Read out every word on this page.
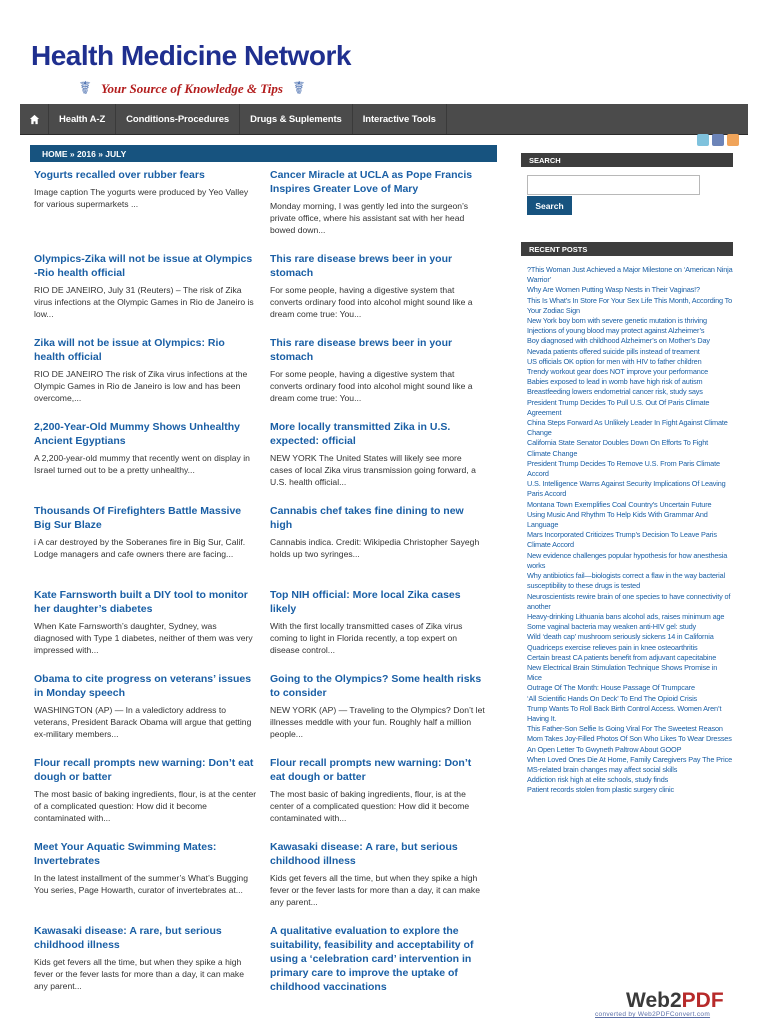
Health Medicine Network
☤ Your Source of Knowledge & Tips ☤
Health A-Z	Conditions-Procedures	Drugs & Suplements	Interactive Tools
HOME » 2016 » JULY
Yogurts recalled over rubber fears

Image caption The yogurts were produced by Yeo Valley for various supermarkets ...

Cancer Miracle at UCLA as Pope Francis Inspires Greater Love of Mary

Monday morning, I was gently led into the surgeon’s private office, where his assistant sat with her head bowed down...

Olympics-Zika will not be issue at Olympics -Rio health official

RIO DE JANEIRO, July 31 (Reuters) – The risk of Zika virus infections at the Olympic Games in Rio de Janeiro is low...

This rare disease brews beer in your stomach

For some people, having a digestive system that converts ordinary food into alcohol might sound like a dream come true: You...

Zika will not be issue at Olympics: Rio health official

RIO DE JANEIRO The risk of Zika virus infections at the Olympic Games in Rio de Janeiro is low and has been overcome,...

This rare disease brews beer in your stomach

For some people, having a digestive system that converts ordinary food into alcohol might sound like a dream come true: You...

2,200-Year-Old Mummy Shows Unhealthy Ancient Egyptians

A 2,200-year-old mummy that recently went on display in Israel turned out to be a pretty unhealthy...

More locally transmitted Zika in U.S. expected: official

NEW YORK The United States will likely see more cases of local Zika virus transmission going forward, a U.S. health official...

Thousands Of Firefighters Battle Massive Big Sur Blaze

i A car destroyed by the Soberanes fire in Big Sur, Calif. Lodge managers and cafe owners there are facing...

Cannabis chef takes fine dining to new high

Cannabis indica. Credit: Wikipedia Christopher Sayegh holds up two syringes...

Kate Farnsworth built a DIY tool to monitor her daughter’s diabetes

When Kate Farnsworth’s daughter, Sydney, was diagnosed with Type 1 diabetes, neither of them was very impressed with...

Top NIH official: More local Zika cases likely

With the first locally transmitted cases of Zika virus coming to light in Florida recently, a top expert on disease control...

Obama to cite progress on veterans’ issues in Monday speech

WASHINGTON (AP) — In a valedictory address to veterans, President Barack Obama will argue that getting ex-military members...

Going to the Olympics? Some health risks to consider

NEW YORK (AP) — Traveling to the Olympics? Don’t let illnesses meddle with your fun. Roughly half a million people...

Flour recall prompts new warning: Don’t eat dough or batter

The most basic of baking ingredients, flour, is at the center of a complicated question: How did it become contaminated with...

Flour recall prompts new warning: Don’t eat dough or batter

The most basic of baking ingredients, flour, is at the center of a complicated question: How did it become contaminated with...

Meet Your Aquatic Swimming Mates: Invertebrates

In the latest installment of the summer’s What’s Bugging You series, Page Howarth, curator of invertebrates at...

Kawasaki disease: A rare, but serious childhood illness

Kids get fevers all the time, but when they spike a high fever or the fever lasts for more than a day, it can make any parent...

Kawasaki disease: A rare, but serious childhood illness

Kids get fevers all the time, but when they spike a high fever or the fever lasts for more than a day, it can make any parent...

A qualitative evaluation to explore the suitability, feasibility and acceptability of using a ‘celebration card’ intervention in primary care to improve the uptake of childhood vaccinations
SEARCH
Search
RECENT POSTS
?This Woman Just Achieved a Major Milestone on ‘American Ninja Warrior’
Why Are Women Putting Wasp Nests in Their Vaginas!?
This Is What’s In Store For Your Sex Life This Month, According To Your Zodiac Sign
New York boy born with severe genetic mutation is thriving
Injections of young blood may protect against Alzheimer’s
Boy diagnosed with childhood Alzheimer’s on Mother’s Day
Nevada patients offered suicide pills instead of treament
US officials OK option for men with HIV to father children
Trendy workout gear does NOT improve your performance
Babies exposed to lead in womb have high risk of autism
Breastfeeding lowers endometrial cancer risk, study says
President Trump Decides To Pull U.S. Out Of Paris Climate Agreement
China Steps Forward As Unlikely Leader In Fight Against Climate Change
California State Senator Doubles Down On Efforts To Fight Climate Change
President Trump Decides To Remove U.S. From Paris Climate Accord
U.S. Intelligence Warns Against Security Implications Of Leaving Paris Accord
Montana Town Exemplifies Coal Country’s Uncertain Future
Using Music And Rhythm To Help Kids With Grammar And Language
Mars Incorporated Criticizes Trump’s Decision To Leave Paris Climate Accord
New evidence challenges popular hypothesis for how anesthesia works
Why antibiotics fail—biologists correct a flaw in the way bacterial susceptibility to these drugs is tested
Neuroscientists rewire brain of one species to have connectivity of another
Heavy-drinking Lithuania bans alcohol ads, raises minimum age
Some vaginal bacteria may weaken anti-HIV gel: study
Wild ‘death cap’ mushroom seriously sickens 14 in California
Quadriceps exercise relieves pain in knee osteoarthritis
Certain breast CA patients benefit from adjuvant capecitabine
New Electrical Brain Stimulation Technique Shows Promise in Mice
Outrage Of The Month: House Passage Of Trumpcare
‘All Scientific Hands On Deck’ To End The Opioid Crisis
Trump Wants To Roll Back Birth Control Access. Women Aren’t Having It.
This Father-Son Selfie Is Going Viral For The Sweetest Reason
Mom Takes Joy-Filled Photos Of Son Who Likes To Wear Dresses
An Open Letter To Gwyneth Paltrow About GOOP
When Loved Ones Die At Home, Family Caregivers Pay The Price
MS-related brain changes may affect social skills
Addiction risk high at elite schools, study finds
Patient records stolen from plastic surgery clinic
Web2PDF
converted by Web2PDFConvert.com
